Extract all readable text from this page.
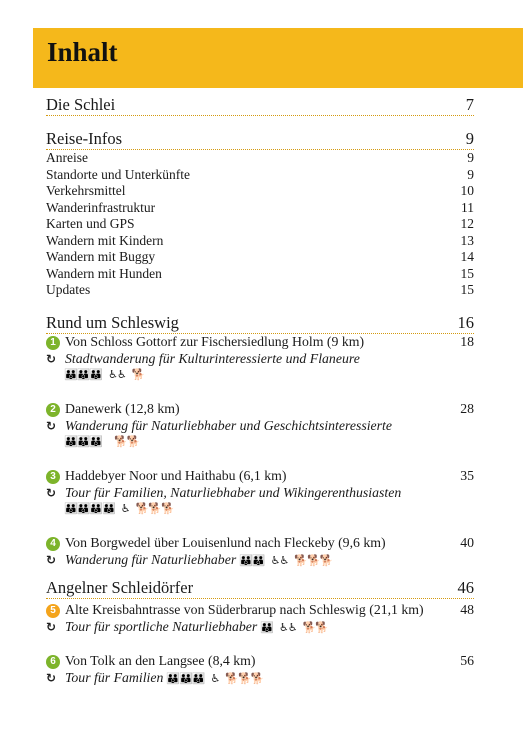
Inhalt
Die Schlei	7
Reise-Infos	9
Anreise	9
Standorte und Unterkünfte	9
Verkehrsmittel	10
Wanderinfrastruktur	11
Karten und GPS	12
Wandern mit Kindern	13
Wandern mit Buggy	14
Wandern mit Hunden	15
Updates	15
Rund um Schleswig	16
1 Von Schloss Gottorf zur Fischersiedlung Holm (9 km)	18
↻ Stadtwanderung für Kulturinteressierte und Flaneure
👪👪👪 ♿♿ 🐕
2 Danewerk (12,8 km)	28
↻ Wanderung für Naturliebhaber und Geschichtsinteressierte
👪👪👪 🐕🐕
3 Haddebyer Noor und Haithabu (6,1 km)	35
↻ Tour für Familien, Naturliebhaber und Wikingerenthusiasten
👪👪👪👪 ♿ 🐕🐕🐕
4 Von Borgwedel über Louisenlund nach Fleckeby (9,6 km)	40
↻ Wanderung für Naturliebhaber 👪👪 ♿♿ 🐕🐕🐕
Angelner Schleidörfer	46
5 Alte Kreisbahntrasse von Süderbrarup nach Schleswig (21,1 km)	48
↻ Tour für sportliche Naturliebhaber 👪 ♿♿ 🐕🐕
6 Von Tolk an den Langsee (8,4 km)	56
↻ Tour für Familien 👪👪👪 ♿ 🐕🐕🐕
